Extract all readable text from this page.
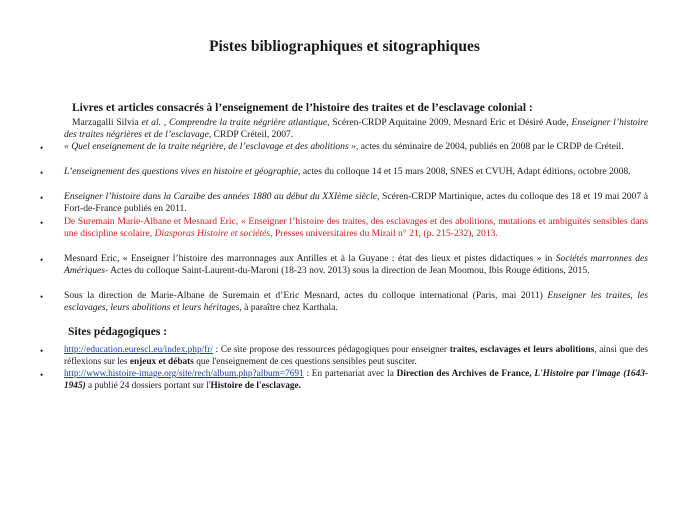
Pistes bibliographiques et sitographiques
Livres et articles consacrés à l’enseignement de l’histoire des traites et de l’esclavage colonial :
Marzagalli Silvia et al. , Comprendre la traite négrière atlantique, Scéren-CRDP Aquitaine 2009. Mesnard Eric et Désiré Aude, Enseigner l’histoire des traites négrières et de l’esclavage, CRDP Créteil, 2007.
• « Quel enseignement de la traite négrière, de l’esclavage et des abolitions », actes du séminaire de 2004, publiés en 2008 par le CRDP de Créteil.
• L’enseignement des questions vives en histoire et géographie, actes du colloque 14 et 15 mars 2008, SNES et CVUH, Adapt éditions, octobre 2008.
• Enseigner l’histoire dans la Caraïbe des années 1880 au début du XXIème siècle, Scéren-CRDP Martinique, actes du colloque des 18 et 19 mai 2007 à Fort-de-France publiés en 2011.
• De Suremain Marie-Albane et Mesnard Eric, « Enseigner l’histoire des traites, des esclavages et des abolitions, mutations et ambiguïtés sensibles dans une discipline scolaire, Diasporas Histoire et sociétés, Presses universitaires du Mirail n° 21, (p. 215-232), 2013.
• Mesnard Eric, « Enseigner l’histoire des marronnages aux Antilles et à la Guyane : état des lieux et pistes didactiques » in Sociétés marronnes des Amériques- Actes du colloque Saint-Laurent-du-Maroni (18-23 nov. 2013) sous la direction de Jean Moomou, Ibis Rouge éditions, 2015.
• Sous la direction de Marie-Albane de Suremain et d’Eric Mesnard, actes du colloque international (Paris, mai 2011) Enseigner les traites, les esclavages, leurs abolitions et leurs héritages, à paraître chez Karthala.
Sites pédagogiques :
• http://education.eurescl.eu/index.php/fr/ : Ce site propose des ressources pédagogiques pour enseigner traites, esclavages et leurs abolitions, ainsi que des réflexions sur les enjeux et débats que l'enseignement de ces questions sensibles peut susciter.
• http://www.histoire-image.org/site/rech/album.php?album=7691 : En partenariat avec la Direction des Archives de France, L'Histoire par l'image (1643-1945) a publié 24 dossiers portant sur l'Histoire de l'esclavage.
